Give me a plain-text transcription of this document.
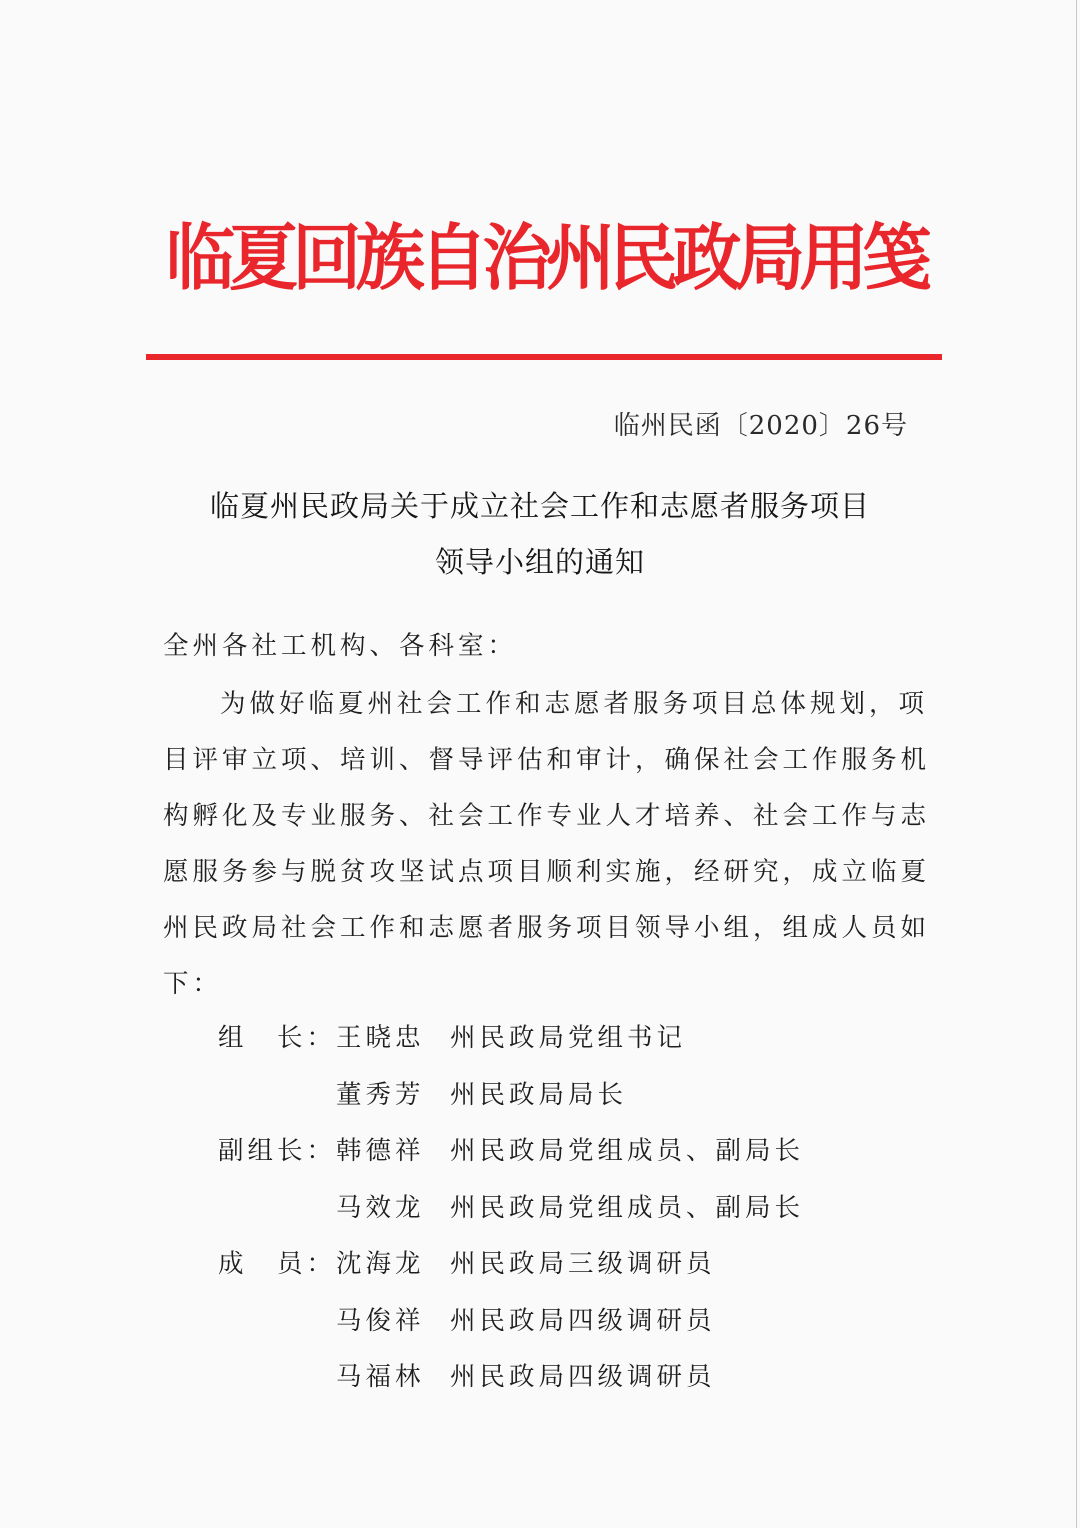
临夏回族自治州民政局用笺
临州民函〔2020〕26号
临夏州民政局关于成立社会工作和志愿者服务项目
领导小组的通知
全州各社工机构、各科室：
为做好临夏州社会工作和志愿者服务项目总体规划，项
目评审立项、培训、督导评估和审计，确保社会工作服务机
构孵化及专业服务、社会工作专业人才培养、社会工作与志
愿服务参与脱贫攻坚试点项目顺利实施，经研究，成立临夏
州民政局社会工作和志愿者服务项目领导小组，组成人员如
下：
组　长： 王晓忠 州民政局党组书记
董秀芳 州民政局局长
副组长： 韩德祥 州民政局党组成员、副局长
马效龙 州民政局党组成员、副局长
成　员： 沈海龙 州民政局三级调研员
马俊祥 州民政局四级调研员
马福林 州民政局四级调研员
